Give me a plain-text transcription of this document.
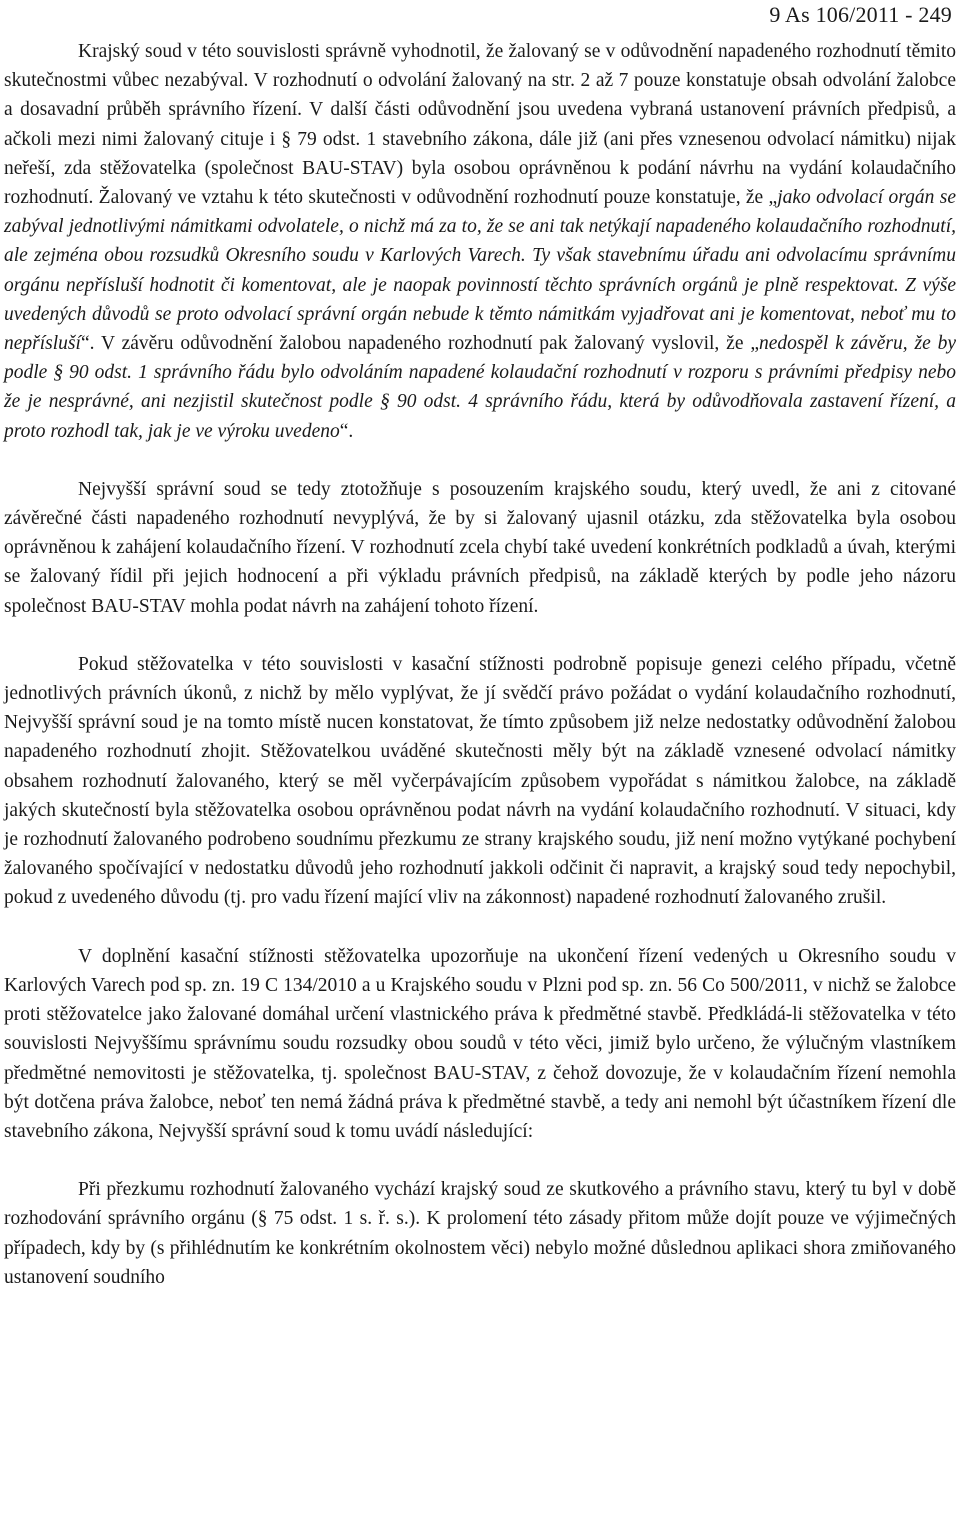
9 As 106/2011 - 249

Krajský soud v této souvislosti správně vyhodnotil, že žalovaný se v odůvodnění napadeného rozhodnutí těmito skutečnostmi vůbec nezabýval. V rozhodnutí o odvolání žalovaný na str. 2 až 7 pouze konstatuje obsah odvolání žalobce a dosavadní průběh správního řízení. V další části odůvodnění jsou uvedena vybraná ustanovení právních předpisů, a ačkoli mezi nimi žalovaný cituje i § 79 odst. 1 stavebního zákona, dále již (ani přes vznesenou odvolací námitku) nijak neřeší, zda stěžovatelka (společnost BAU-STAV) byla osobou oprávněnou k podání návrhu na vydání kolaudačního rozhodnutí. Žalovaný ve vztahu k této skutečnosti v odůvodnění rozhodnutí pouze konstatuje, že „jako odvolací orgán se zabýval jednotlivými námitkami odvolatele, o nichž má za to, že se ani tak netýkají napadeného kolaudačního rozhodnutí, ale zejména obou rozsudků Okresního soudu v Karlových Varech. Ty však stavebnímu úřadu ani odvolacímu správnímu orgánu nepřísluší hodnotit či komentovat, ale je naopak povinností těchto správních orgánů je plně respektovat. Z výše uvedených důvodů se proto odvolací správní orgán nebude k těmto námitkám vyjadřovat ani je komentovat, neboť mu to nepřísluší“. V závěru odůvodnění žalobou napadeného rozhodnutí pak žalovaný vyslovil, že „nedospěl k závěru, že by podle § 90 odst. 1 správního řádu bylo odvoláním napadené kolaudační rozhodnutí v rozporu s právními předpisy nebo že je nesprávné, ani nezjistil skutečnost podle § 90 odst. 4 správního řádu, která by odůvodňovala zastavení řízení, a proto rozhodl tak, jak je ve výroku uvedeno“.

Nejvyšší správní soud se tedy ztotožňuje s posouzením krajského soudu, který uvedl, že ani z citované závěrečné části napadeného rozhodnutí nevyplývá, že by si žalovaný ujasnil otázku, zda stěžovatelka byla osobou oprávněnou k zahájení kolaudačního řízení. V rozhodnutí zcela chybí také uvedení konkrétních podkladů a úvah, kterými se žalovaný řídil při jejich hodnocení a při výkladu právních předpisů, na základě kterých by podle jeho názoru společnost BAU-STAV mohla podat návrh na zahájení tohoto řízení.

Pokud stěžovatelka v této souvislosti v kasační stížnosti podrobně popisuje genezi celého případu, včetně jednotlivých právních úkonů, z nichž by mělo vyplývat, že jí svědčí právo požádat o vydání kolaudačního rozhodnutí, Nejvyšší správní soud je na tomto místě nucen konstatovat, že tímto způsobem již nelze nedostatky odůvodnění žalobou napadeného rozhodnutí zhojit. Stěžovatelkou uváděné skutečnosti měly být na základě vznesené odvolací námitky obsahem rozhodnutí žalovaného, který se měl vyčerpávajícím způsobem vypořádat s námitkou žalobce, na základě jakých skutečností byla stěžovatelka osobou oprávněnou podat návrh na vydání kolaudačního rozhodnutí. V situaci, kdy je rozhodnutí žalovaného podrobeno soudnímu přezkumu ze strany krajského soudu, již není možno vytýkané pochybení žalovaného spočívající v nedostatku důvodů jeho rozhodnutí jakkoli odčinit či napravit, a krajský soud tedy nepochybil, pokud z uvedeného důvodu (tj. pro vadu řízení mající vliv na zákonnost) napadené rozhodnutí žalovaného zrušil.

V doplnění kasační stížnosti stěžovatelka upozorňuje na ukončení řízení vedených u Okresního soudu v Karlových Varech pod sp. zn. 19 C 134/2010 a u Krajského soudu v Plzni pod sp. zn. 56 Co 500/2011, v nichž se žalobce proti stěžovatelce jako žalované domáhal určení vlastnického práva k předmětné stavbě. Předkládá-li stěžovatelka v této souvislosti Nejvyššímu správnímu soudu rozsudky obou soudů v této věci, jimiž bylo určeno, že výlučným vlastníkem předmětné nemovitosti je stěžovatelka, tj. společnost BAU-STAV, z čehož dovozuje, že v kolaudačním řízení nemohla být dotčena práva žalobce, neboť ten nemá žádná práva k předmětné stavbě, a tedy ani nemohl být účastníkem řízení dle stavebního zákona, Nejvyšší správní soud k tomu uvádí následující:

Při přezkumu rozhodnutí žalovaného vychází krajský soud ze skutkového a právního stavu, který tu byl v době rozhodování správního orgánu (§ 75 odst. 1 s. ř. s.). K prolomení této zásady přitom může dojít pouze ve výjimečných případech, kdy by (s přihlédnutím ke konkrétním okolnostem věci) nebylo možné důslednou aplikaci shora zmiňovaného ustanovení soudního
